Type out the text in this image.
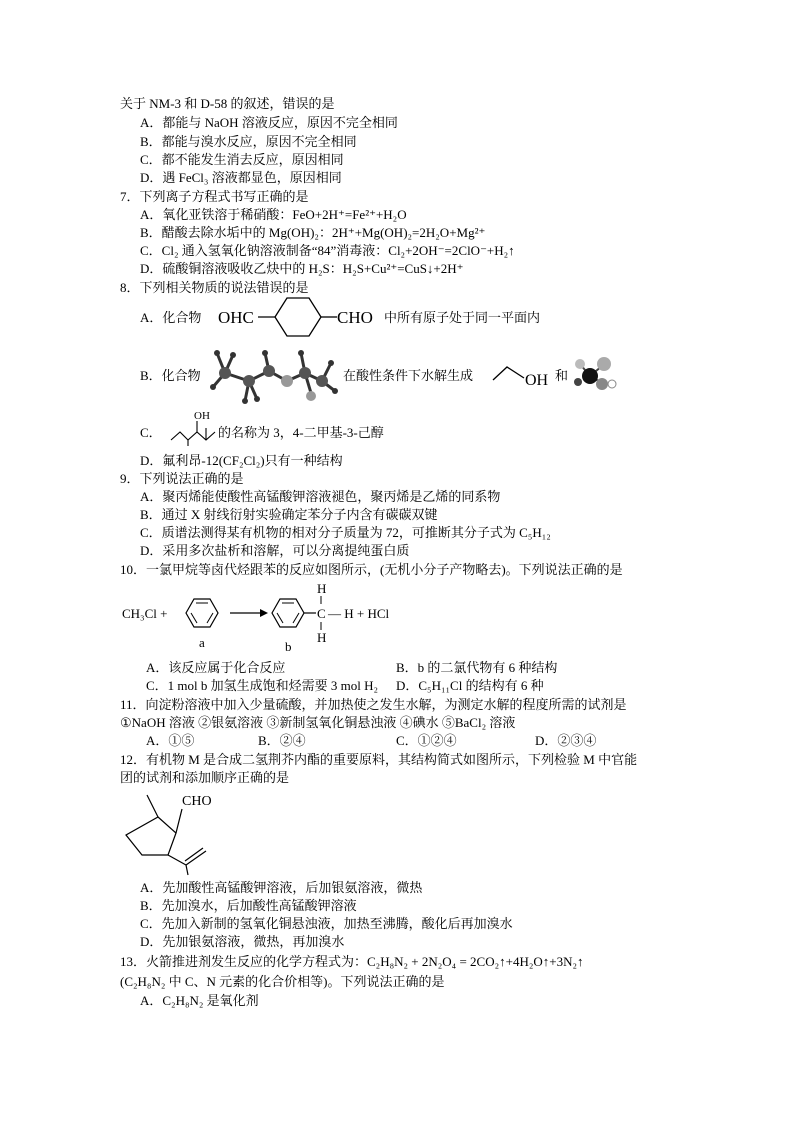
关于 NM-3 和 D-58 的叙述，错误的是
A．都能与 NaOH 溶液反应，原因不完全相同
B．都能与溴水反应，原因不完全相同
C．都不能发生消去反应，原因相同
D．遇 FeCl₃ 溶液都显色，原因相同
7．下列离子方程式书写正确的是
A．氧化亚铁溶于稀硝酸：FeO+2H⁺=Fe²⁺+H₂O
B．醋酸去除水垢中的 Mg(OH)₂：2H⁺+Mg(OH)₂=2H₂O+Mg²⁺
C．Cl₂ 通入氢氧化钠溶液制备“84”消毒液：Cl₂+2OH⁻=2ClO⁻+H₂↑
D．硫酸铜溶液吸收乙炔中的 H₂S：H₂S+Cu²⁺=CuS↓+2H⁺
8．下列相关物质的说法错误的是
A．化合物 OHC	CHO 中所有原子处于同一平面内
B．化合物	在酸性条件下水解生成	OH 和
C．
OH
的名称为 3，4-二甲基-3-己醇
D．氟利昂-12(CF₂Cl₂)只有一种结构
9．下列说法正确的是
A．聚丙烯能使酸性高锰酸钾溶液褪色，聚丙烯是乙烯的同系物
B．通过 X 射线衍射实验确定苯分子内含有碳碳双键
C．质谱法测得某有机物的相对分子质量为 72，可推断其分子式为 C₅H₁₂
D．采用多次盐析和溶解，可以分离提纯蛋白质
10．一氯甲烷等卤代烃跟苯的反应如图所示，(无机小分子产物略去)。下列说法正确的是
CH₃Cl +
a	b
C
H
H
— H + HCl
A．该反应属于化合反应	B．b 的二氯代物有 6 种结构
C．1 mol b 加氢生成饱和烃需要 3 mol H₂ D．C₅H₁₁Cl 的结构有 6 种
11．向淀粉溶液中加入少量硫酸，并加热使之发生水解，为测定水解的程度所需的试剂是
①NaOH 溶液 ②银氨溶液 ③新制氢氧化铜悬浊液 ④碘水 ⑤BaCl₂ 溶液
A．①⑤	B．②④	C．①②④	D．②③④
12．有机物 M 是合成二氢荆芥内酯的重要原料，其结构简式如图所示，下列检验 M 中官能
团的试剂和添加顺序正确的是
CHO
A．先加酸性高锰酸钾溶液，后加银氨溶液，微热
B．先加溴水，后加酸性高锰酸钾溶液
C．先加入新制的氢氧化铜悬浊液，加热至沸腾，酸化后再加溴水
D．先加银氨溶液，微热，再加溴水
13．火箭推进剂发生反应的化学方程式为：C₂H₈N₂ + 2N₂O₄ = 2CO₂↑+4H₂O↑+3N₂↑
(C₂H₈N₂ 中 C、N 元素的化合价相等)。下列说法正确的是
A．C₂H₈N₂ 是氧化剂
